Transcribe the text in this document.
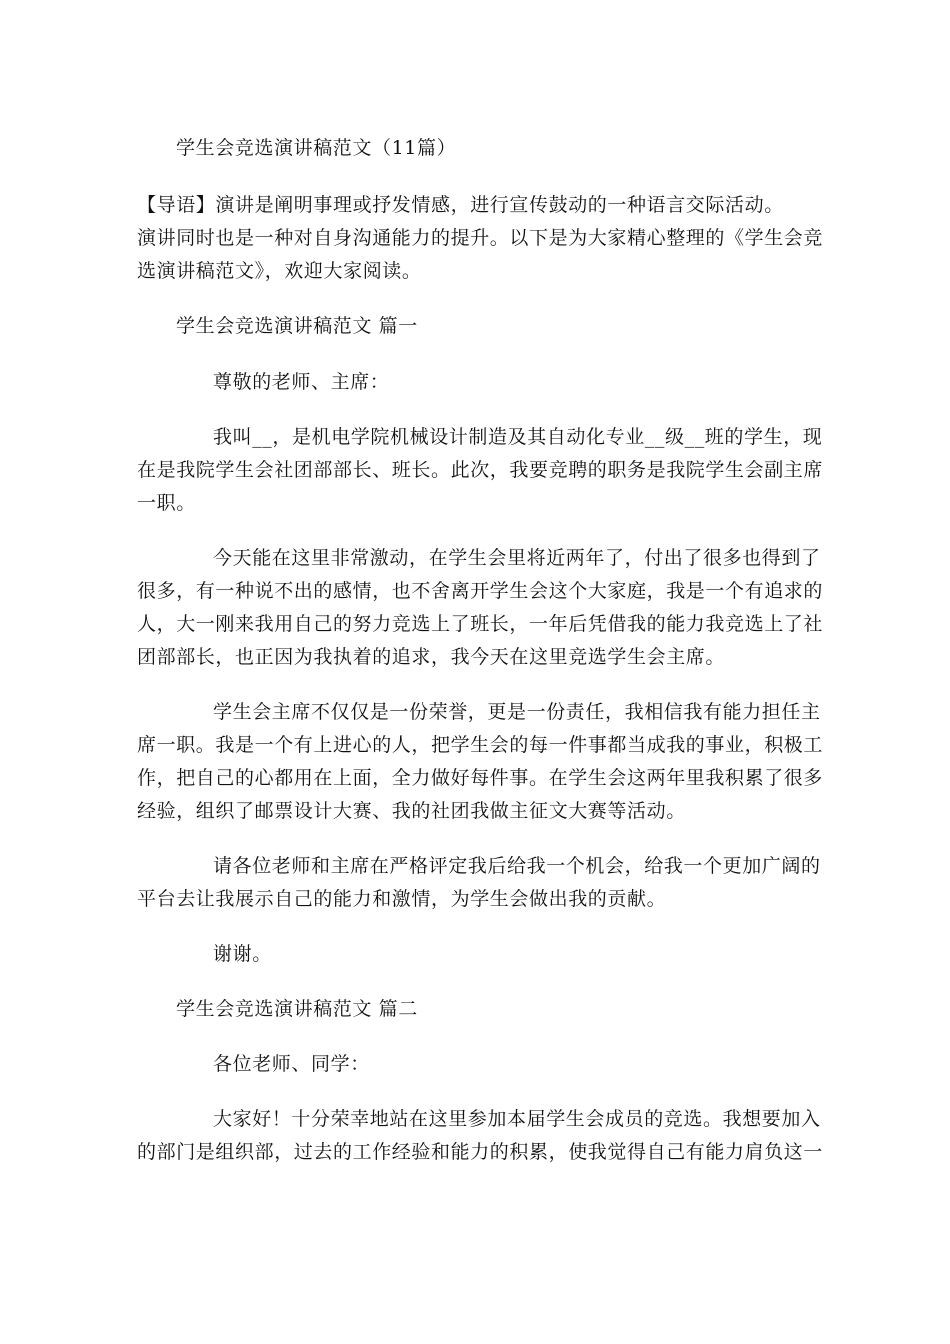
学生会竞选演讲稿范文（11篇）
【导语】演讲是阐明事理或抒发情感，进行宣传鼓动的一种语言交际活动。
演讲同时也是一种对自身沟通能力的提升。以下是为大家精心整理的《学生会竞
选演讲稿范文》，欢迎大家阅读。
学生会竞选演讲稿范文 篇一
尊敬的老师、主席：
我叫__，是机电学院机械设计制造及其自动化专业__级__班的学生，现
在是我院学生会社团部部长、班长。此次，我要竞聘的职务是我院学生会副主席
一职。
今天能在这里非常激动，在学生会里将近两年了，付出了很多也得到了
很多，有一种说不出的感情，也不舍离开学生会这个大家庭，我是一个有追求的
人，大一刚来我用自己的努力竞选上了班长，一年后凭借我的能力我竞选上了社
团部部长，也正因为我执着的追求，我今天在这里竞选学生会主席。
学生会主席不仅仅是一份荣誉，更是一份责任，我相信我有能力担任主
席一职。我是一个有上进心的人，把学生会的每一件事都当成我的事业，积极工
作，把自己的心都用在上面，全力做好每件事。在学生会这两年里我积累了很多
经验，组织了邮票设计大赛、我的社团我做主征文大赛等活动。
请各位老师和主席在严格评定我后给我一个机会，给我一个更加广阔的
平台去让我展示自己的能力和激情，为学生会做出我的贡献。
谢谢。
学生会竞选演讲稿范文 篇二
各位老师、同学：
大家好！十分荣幸地站在这里参加本届学生会成员的竞选。我想要加入
的部门是组织部，过去的工作经验和能力的积累，使我觉得自己有能力肩负这一
